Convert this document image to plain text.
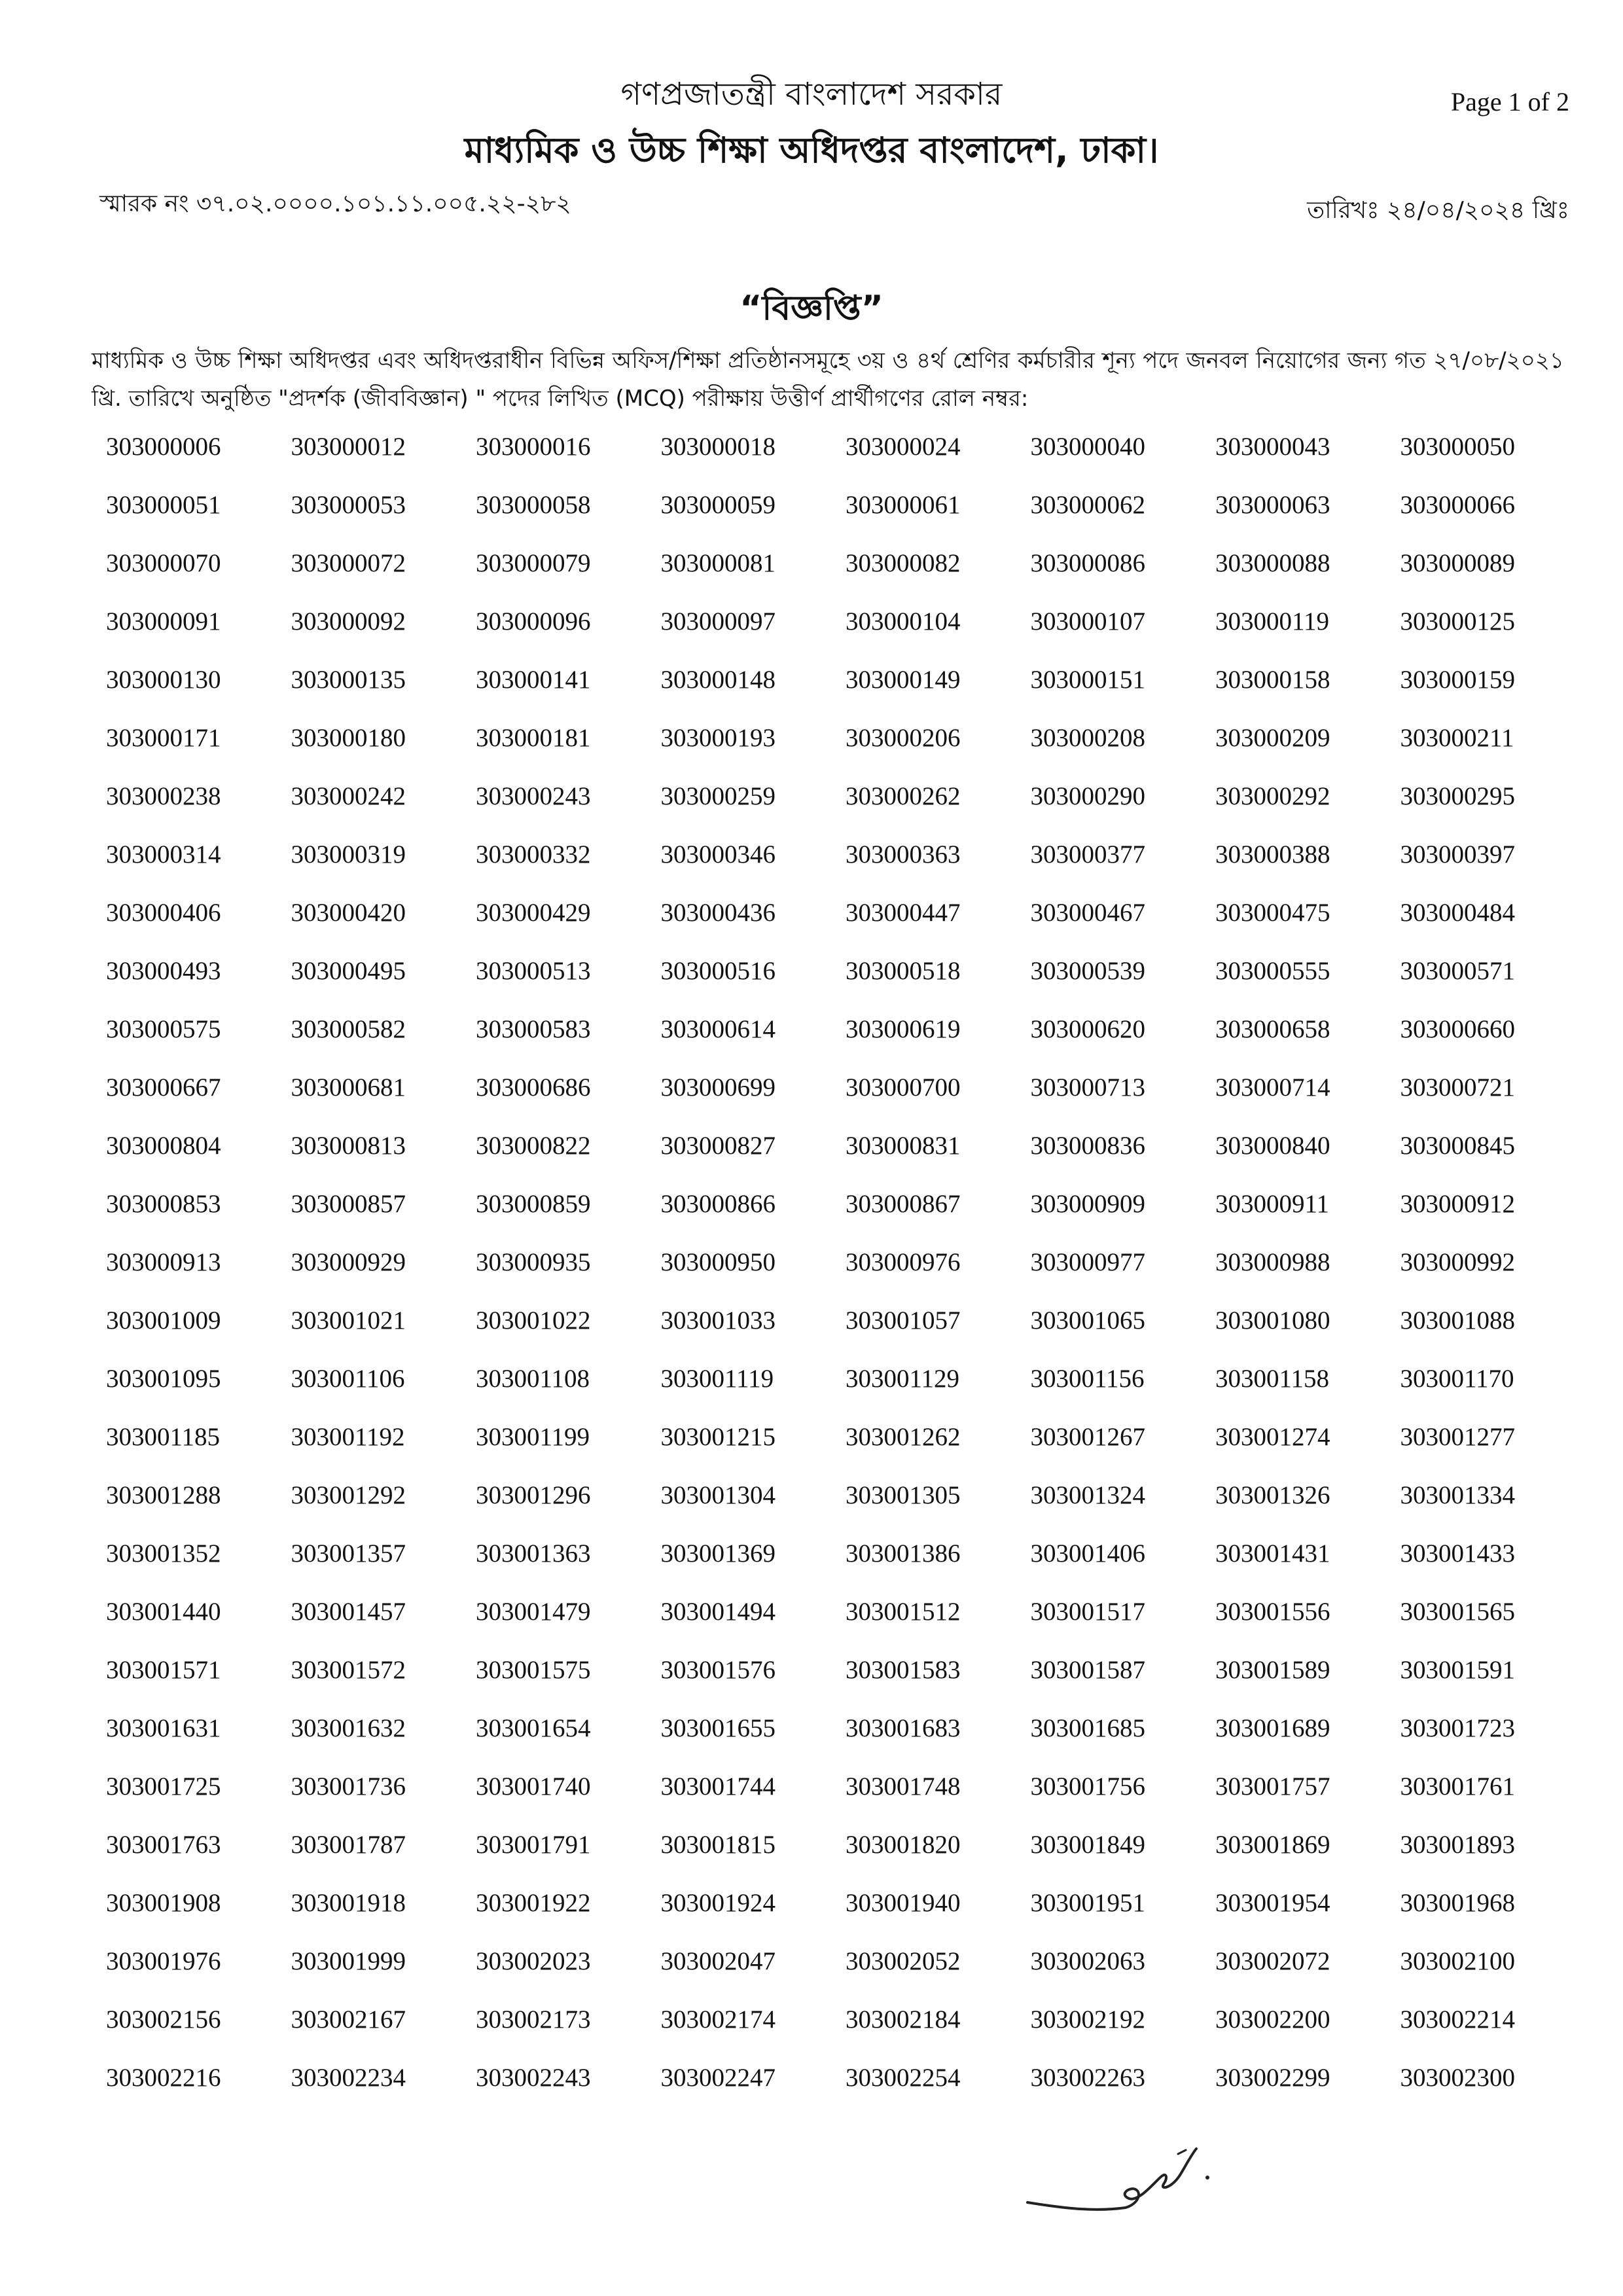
গণপ্রজাতন্ত্রী বাংলাদেশ সরকার
মাধ্যমিক ও উচ্চ শিক্ষা অধিদপ্তর বাংলাদেশ, ঢাকা।
Page 1 of 2
স্মারক নং ৩৭.০২.০০০০.১০১.১১.০০৫.২২-২৮২	তারিখঃ ২৪/০৪/২০২৪ খ্রিঃ
“বিজ্ঞপ্তি”
মাধ্যমিক ও উচ্চ শিক্ষা অধিদপ্তর এবং অধিদপ্তরাধীন বিভিন্ন অফিস/শিক্ষা প্রতিষ্ঠানসমূহে ৩য় ও ৪র্থ শ্রেণির কর্মচারীর শূন্য পদে জনবল নিয়োগের জন্য গত ২৭/০৮/২০২১ খ্রি. তারিখে অনুষ্ঠিত "প্রদর্শক (জীববিজ্ঞান) " পদের লিখিত (MCQ) পরীক্ষায় উত্তীর্ণ প্রার্থীগণের রোল নম্বর:
303000006	303000012	303000016	303000018	303000024	303000040	303000043	303000050
303000051	303000053	303000058	303000059	303000061	303000062	303000063	303000066
303000070	303000072	303000079	303000081	303000082	303000086	303000088	303000089
303000091	303000092	303000096	303000097	303000104	303000107	303000119	303000125
303000130	303000135	303000141	303000148	303000149	303000151	303000158	303000159
303000171	303000180	303000181	303000193	303000206	303000208	303000209	303000211
303000238	303000242	303000243	303000259	303000262	303000290	303000292	303000295
303000314	303000319	303000332	303000346	303000363	303000377	303000388	303000397
303000406	303000420	303000429	303000436	303000447	303000467	303000475	303000484
303000493	303000495	303000513	303000516	303000518	303000539	303000555	303000571
303000575	303000582	303000583	303000614	303000619	303000620	303000658	303000660
303000667	303000681	303000686	303000699	303000700	303000713	303000714	303000721
303000804	303000813	303000822	303000827	303000831	303000836	303000840	303000845
303000853	303000857	303000859	303000866	303000867	303000909	303000911	303000912
303000913	303000929	303000935	303000950	303000976	303000977	303000988	303000992
303001009	303001021	303001022	303001033	303001057	303001065	303001080	303001088
303001095	303001106	303001108	303001119	303001129	303001156	303001158	303001170
303001185	303001192	303001199	303001215	303001262	303001267	303001274	303001277
303001288	303001292	303001296	303001304	303001305	303001324	303001326	303001334
303001352	303001357	303001363	303001369	303001386	303001406	303001431	303001433
303001440	303001457	303001479	303001494	303001512	303001517	303001556	303001565
303001571	303001572	303001575	303001576	303001583	303001587	303001589	303001591
303001631	303001632	303001654	303001655	303001683	303001685	303001689	303001723
303001725	303001736	303001740	303001744	303001748	303001756	303001757	303001761
303001763	303001787	303001791	303001815	303001820	303001849	303001869	303001893
303001908	303001918	303001922	303001924	303001940	303001951	303001954	303001968
303001976	303001999	303002023	303002047	303002052	303002063	303002072	303002100
303002156	303002167	303002173	303002174	303002184	303002192	303002200	303002214
303002216	303002234	303002243	303002247	303002254	303002263	303002299	303002300
